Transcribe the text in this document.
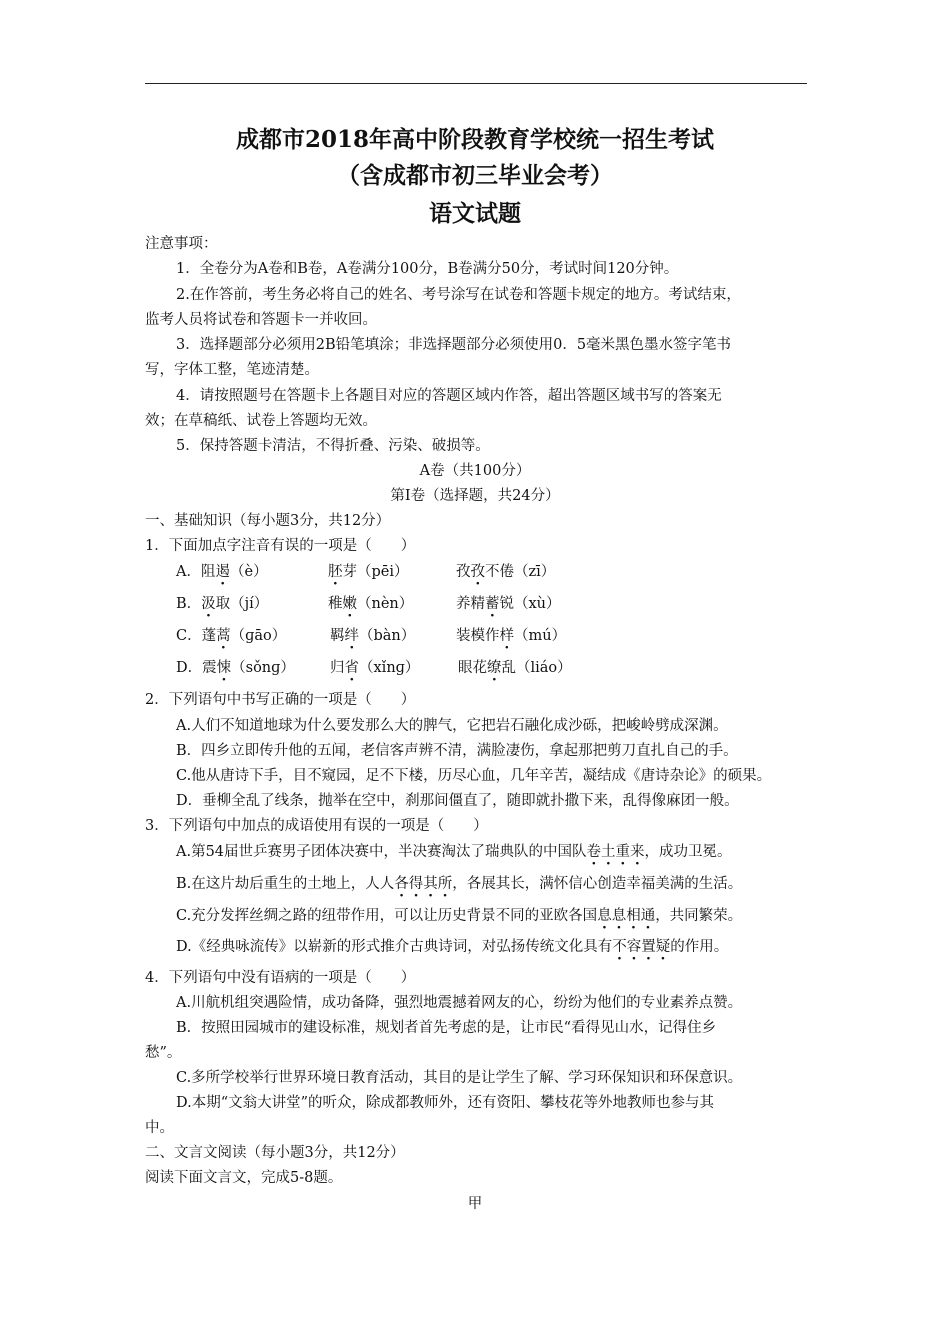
成都市2018年高中阶段教育学校统一招生考试
（含成都市初三毕业会考）
语文试题
注意事项：
1．全卷分为A卷和B卷，A卷满分100分，B卷满分50分，考试时间120分钟。
2.在作答前，考生务必将自己的姓名、考号涂写在试卷和答题卡规定的地方。考试结束，
监考人员将试卷和答题卡一并收回。
3．选择题部分必须用2B铅笔填涂；非选择题部分必须使用0．5毫米黑色墨水签字笔书
写，字体工整，笔迹清楚。
4．请按照题号在答题卡上各题目对应的答题区域内作答，超出答题区域书写的答案无
效；在草稿纸、试卷上答题均无效。
5．保持答题卡清洁，不得折叠、污染、破损等。
A卷（共100分）
第Ⅰ卷（选择题，共24分）
一、基础知识（每小题3分，共12分）
1．下面加点字注音有误的一项是（　　）
A．阻遏（è）	胚芽（pēi）	孜孜不倦（zī）
B．汲取（jí）	稚嫩（nèn）	养精蓄锐（xù）
C．蓬蒿（ɡāo）	羁绊（bàn）	装模作样（mú）
D．震悚（sǒnɡ） 归省（xǐnɡ）	眼花缭乱（liáo）
2．下列语句中书写正确的一项是（　　）
A.人们不知道地球为什么要发那么大的脾气，它把岩石融化成沙砾，把峻岭劈成深渊。
B．四乡立即传升他的五闻，老信客声辨不清，满脸凄伤，拿起那把剪刀直扎自己的手。
C.他从唐诗下手，目不窥园，足不下楼，历尽心血，几年辛苦，凝结成《唐诗杂论》的硕果。
D．垂柳全乱了线条，抛举在空中，刹那间僵直了，随即就扑撒下来，乱得像麻团一般。
3．下列语句中加点的成语使用有误的一项是（　　）
A.第54届世乒赛男子团体决赛中，半决赛淘汰了瑞典队的中国队卷土重来，成功卫冕。
B.在这片劫后重生的土地上，人人各得其所，各展其长，满怀信心创造幸福美满的生活。
C.充分发挥丝绸之路的纽带作用，可以让历史背景不同的亚欧各国息息相通，共同繁荣。
D.《经典咏流传》以崭新的形式推介古典诗词，对弘扬传统文化具有不容置疑的作用。
4．下列语句中没有语病的一项是（　　）
A.川航机组突遇险情，成功备降，强烈地震撼着网友的心，纷纷为他们的专业素养点赞。
B．按照田园城市的建设标准，规划者首先考虑的是，让市民“看得见山水，记得住乡
愁”。
C.多所学校举行世界环境日教育活动，其目的是让学生了解、学习环保知识和环保意识。
D.本期“文翁大讲堂”的听众，除成都教师外，还有资阳、攀枝花等外地教师也参与其
中。
二、文言文阅读（每小题3分，共12分）
阅读下面文言文，完成5-8题。
甲
